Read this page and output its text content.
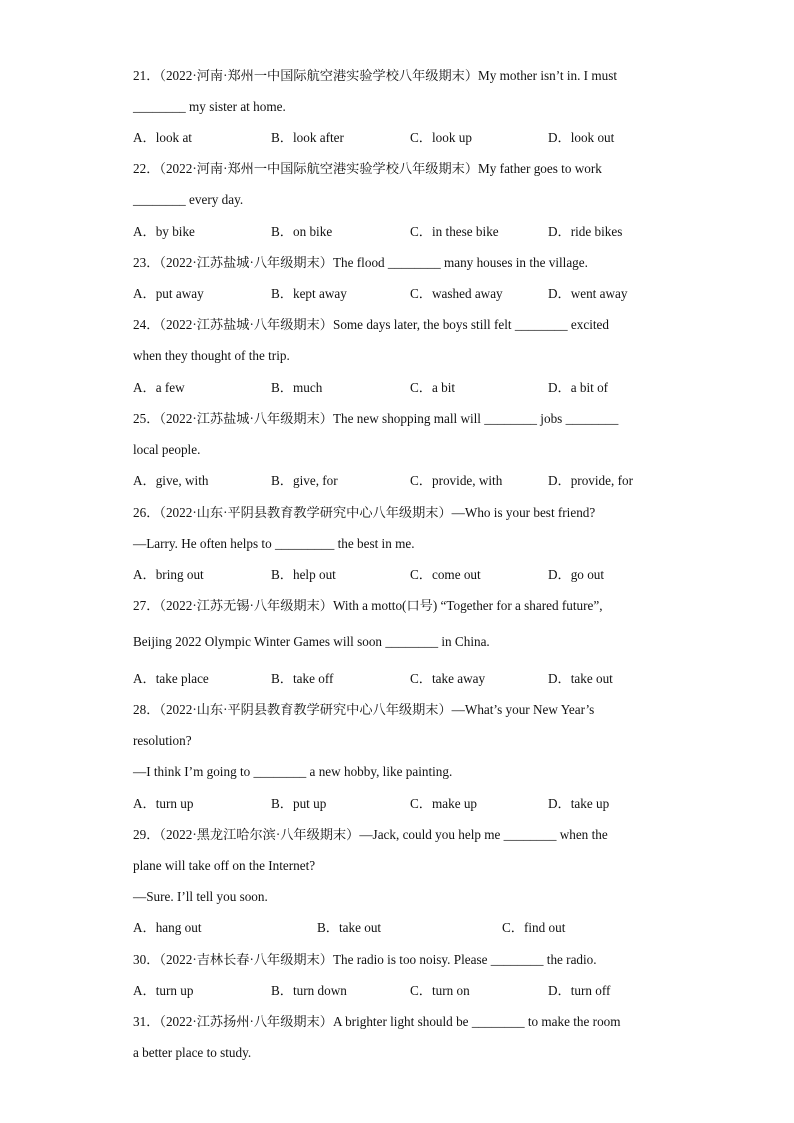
21．（2022·河南·郑州一中国际航空港实验学校八年级期末）My mother isn’t in. I must
________ my sister at home.
A．look at	B．look after	C．look up	D．look out
22．（2022·河南·郑州一中国际航空港实验学校八年级期末）My father goes to work
________ every day.
A．by bike	B．on bike	C．in these bike	D．ride bikes
23．（2022·江苏盐城·八年级期末）The flood ________ many houses in the village.
A．put away	B．kept away	C．washed away	D．went away
24．（2022·江苏盐城·八年级期末）Some days later, the boys still felt ________ excited
when they thought of the trip.
A．a few	B．much	C．a bit	D．a bit of
25．（2022·江苏盐城·八年级期末）The new shopping mall will ________ jobs ________
local people.
A．give, with	B．give, for	C．provide, with	D．provide, for
26．（2022·山东·平阴县教育教学研究中心八年级期末）—Who is your best friend?
—Larry. He often helps to _________ the best in me.
A．bring out	B．help out	C．come out	D．go out
27．（2022·江苏无锡·八年级期末）With a motto(口号) “Together for a shared future”,
Beijing 2022 Olympic Winter Games will soon ________ in China.
A．take place	B．take off	C．take away	D．take out
28．（2022·山东·平阴县教育教学研究中心八年级期末）—What’s your New Year’s
resolution?
—I think I’m going to ________ a new hobby, like painting.
A．turn up	B．put up	C．make up	D．take up
29．（2022·黑龙江哈尔滨·八年级期末）—Jack, could you help me ________ when the
plane will take off on the Internet?
—Sure. I’ll tell you soon.
A．hang out	B．take out	C．find out
30．（2022·吉林长春·八年级期末）The radio is too noisy. Please ________ the radio.
A．turn up	B．turn down	C．turn on	D．turn off
31．（2022·江苏扬州·八年级期末）A brighter light should be ________ to make the room
a better place to study.
